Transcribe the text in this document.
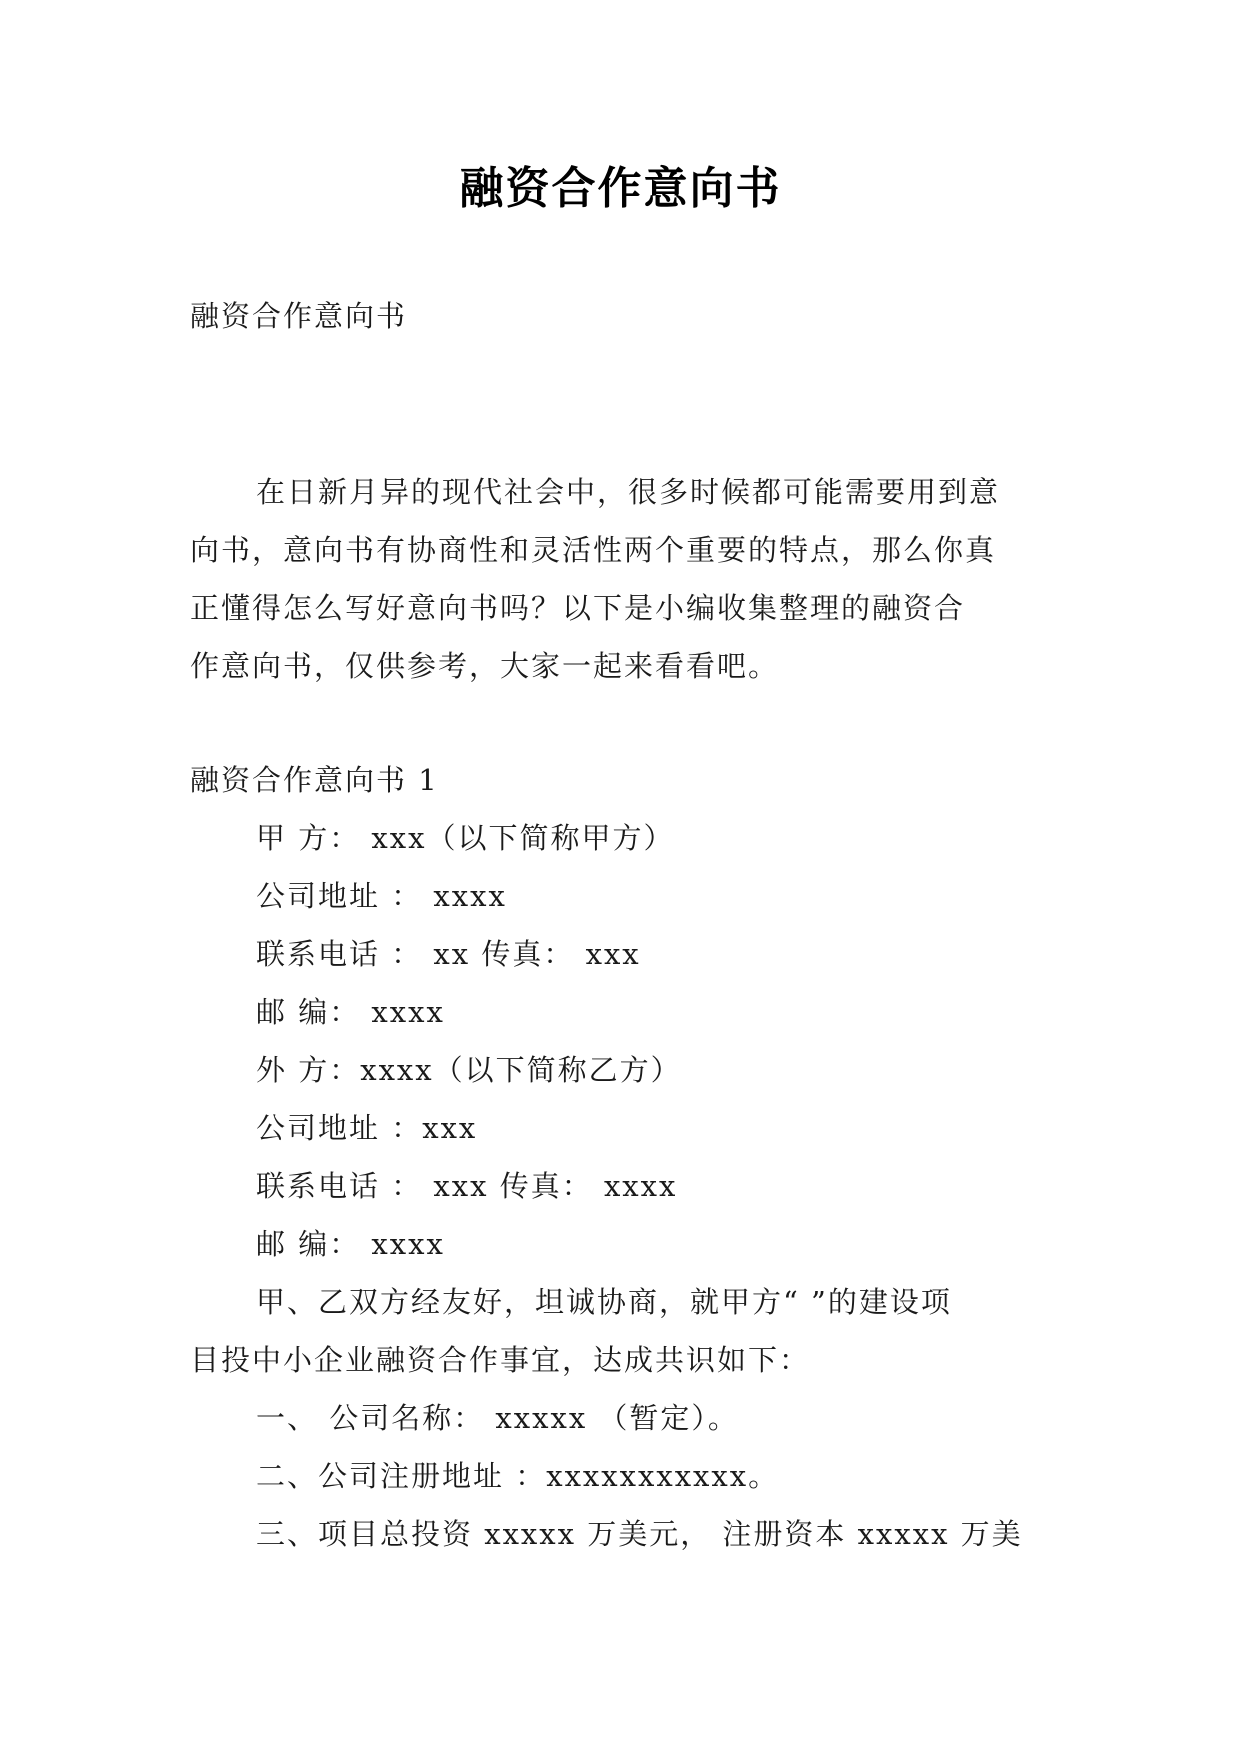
融资合作意向书
融资合作意向书
在日新月异的现代社会中，很多时候都可能需要用到意
向书，意向书有协商性和灵活性两个重要的特点，那么你真
正懂得怎么写好意向书吗？以下是小编收集整理的融资合
作意向书，仅供参考，大家一起来看看吧。
融资合作意向书 1
甲 方： xxx（以下简称甲方）
公司地址 ： xxxx
联系电话 ： xx 传真： xxx
邮 编： xxxx
外 方：xxxx（以下简称乙方）
公司地址 ：xxx
联系电话 ： xxx 传真： xxxx
邮 编： xxxx
甲、乙双方经友好，坦诚协商，就甲方“ ”的建设项
目投中小企业融资合作事宜，达成共识如下：
一、 公司名称： xxxxx （暂定）。
二、公司注册地址 ：xxxxxxxxxxx。
三、项目总投资 xxxxx 万美元， 注册资本 xxxxx 万美
